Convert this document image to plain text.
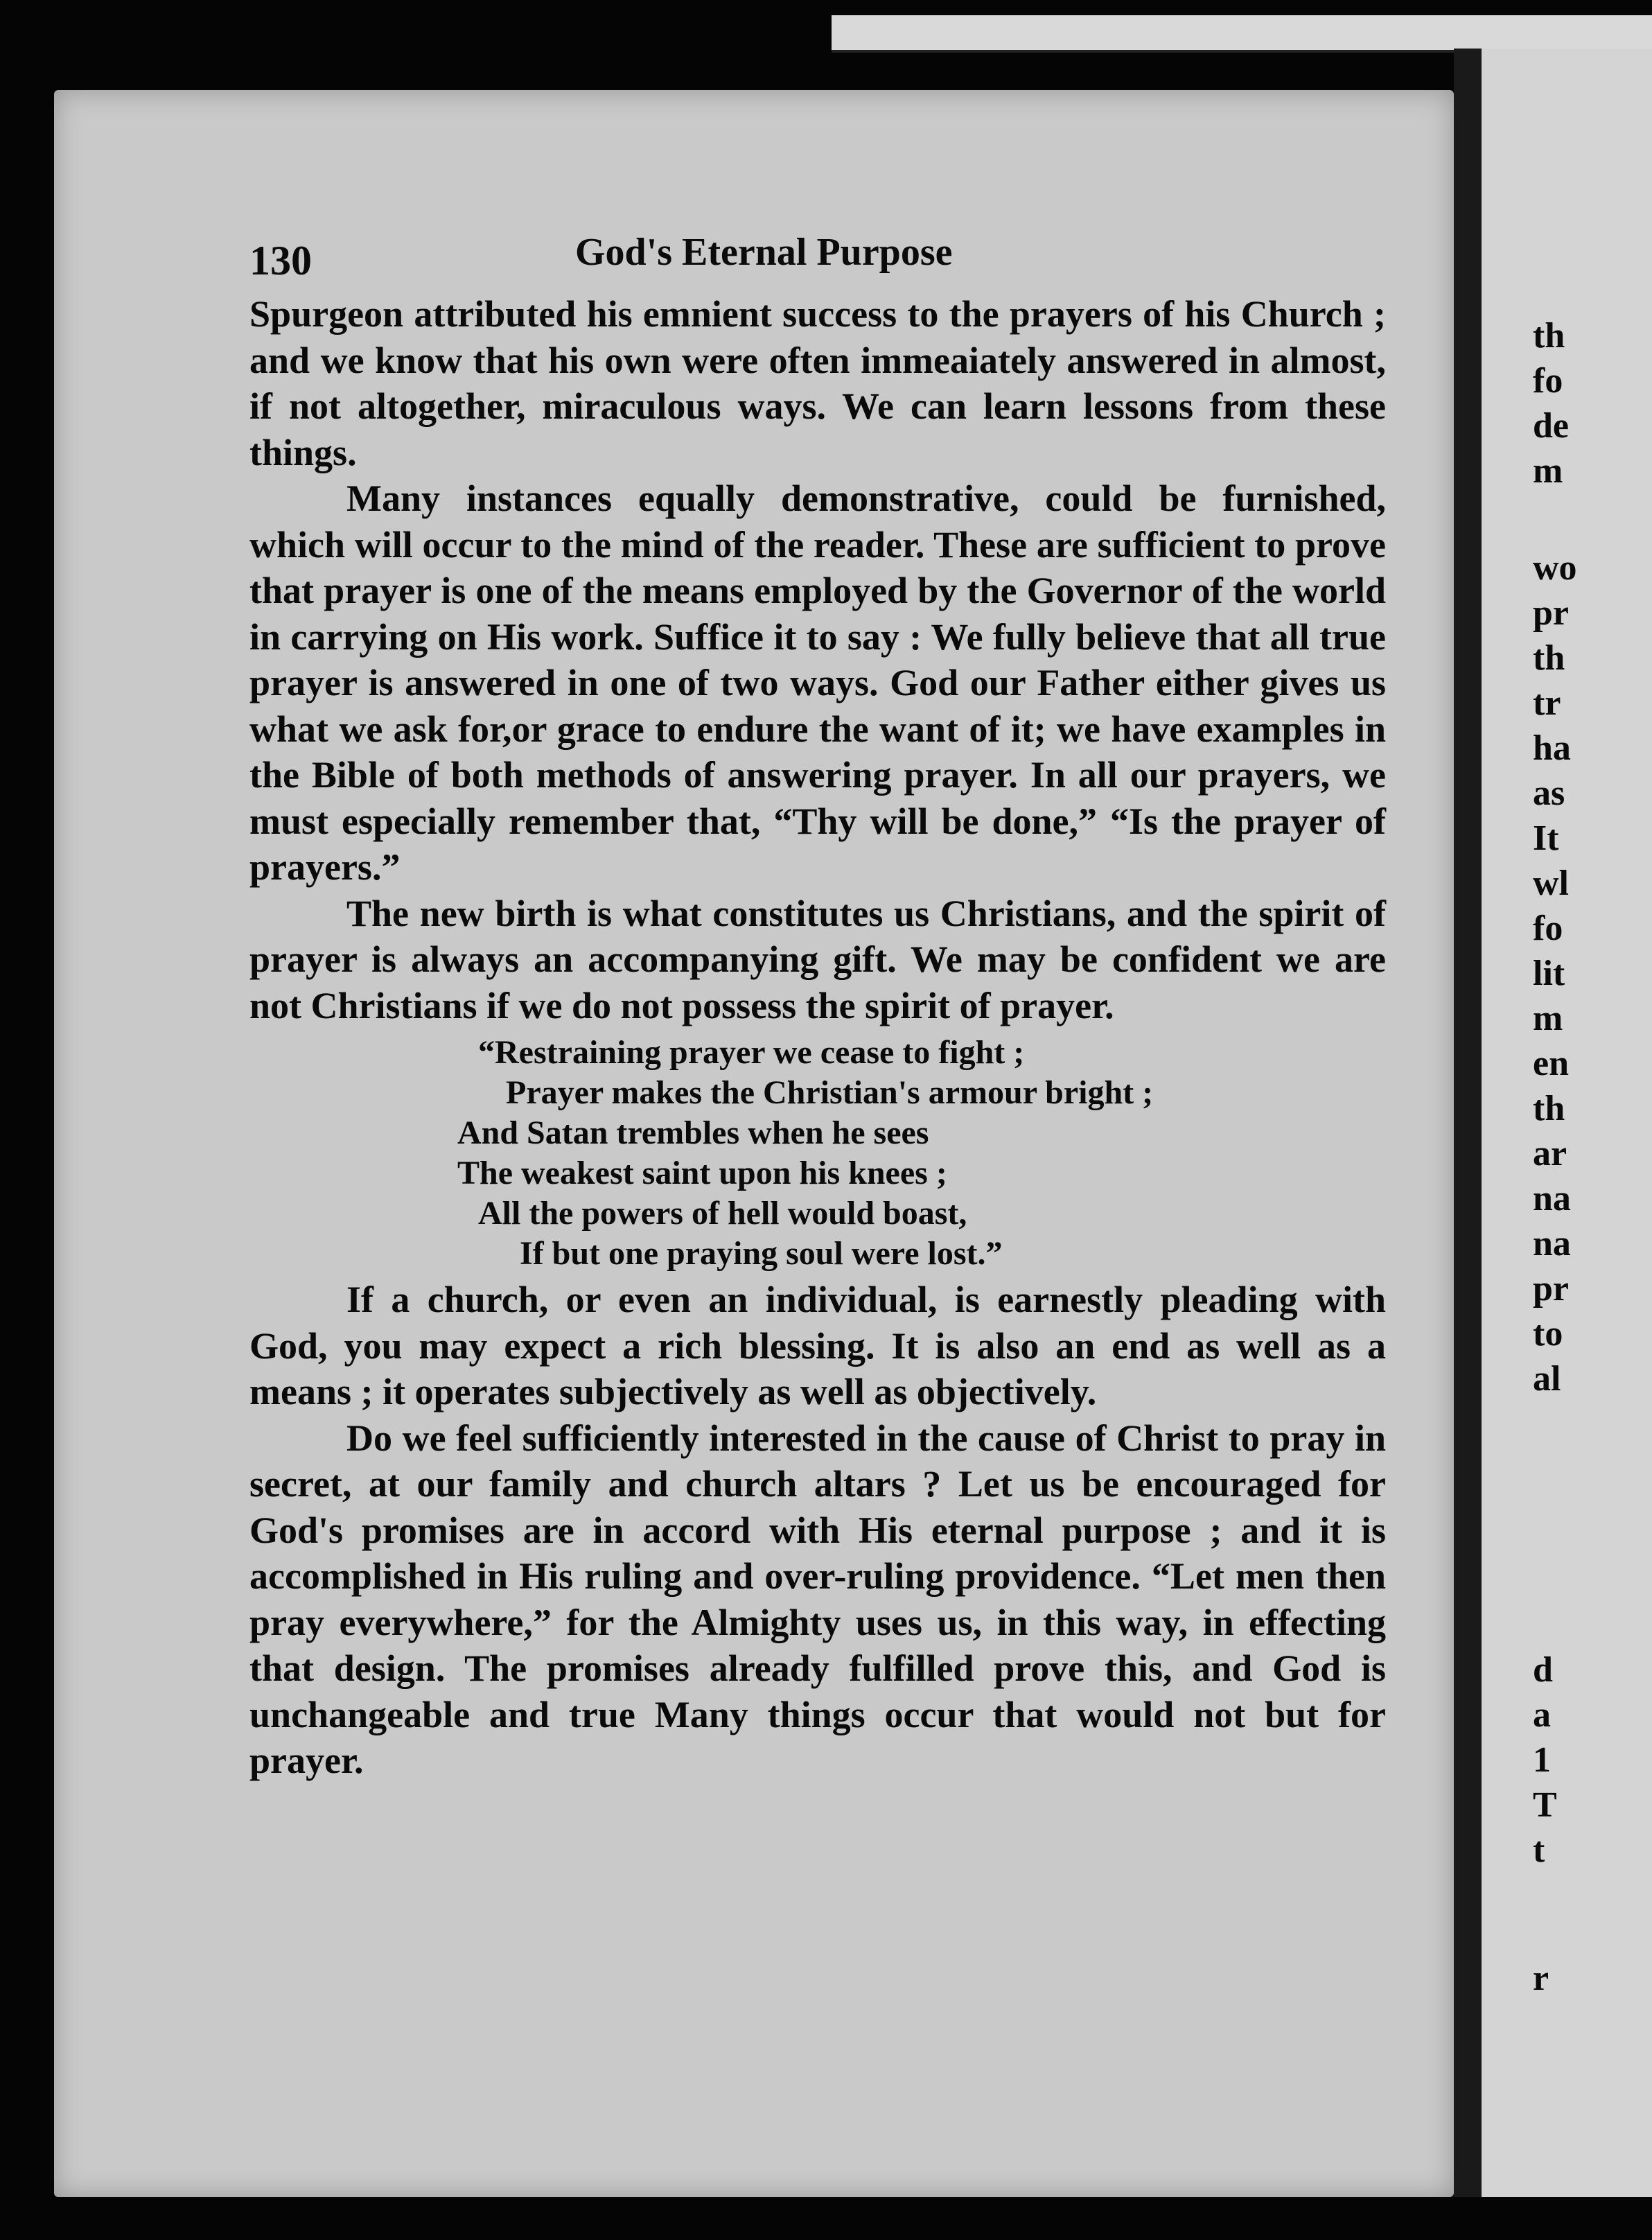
130	God's Eternal Purpose

Spurgeon attributed his emnient success to the prayers of his Church ; and we know that his own were often immeaiately answered in almost, if not altogether, miraculous ways. We can learn lessons from these things.

Many instances equally demonstrative, could be furnished, which will occur to the mind of the reader. These are sufficient to prove that prayer is one of the means employed by the Governor of the world in carrying on His work. Suffice it to say : We fully believe that all true prayer is answered in one of two ways. God our Father either gives us what we ask for,or grace to endure the want of it; we have examples in the Bible of both methods of answering prayer. In all our prayers, we must especially remember that, “Thy will be done,” “Is the prayer of prayers.”

The new birth is what constitutes us Christians, and the spirit of prayer is always an accompanying gift. We may be confident we are not Christians if we do not possess the spirit of prayer.

“Restraining prayer we cease to fight ;
Prayer makes the Christian's armour bright ;
And Satan trembles when he sees
The weakest saint upon his knees ;
All the powers of hell would boast,
If but one praying soul were lost.”

If a church, or even an individual, is earnestly pleading with God, you may expect a rich blessing. It is also an end as well as a means ; it operates subjectively as well as objectively.

Do we feel sufficiently interested in the cause of Christ to pray in secret, at our family and church altars ? Let us be encouraged for God's promises are in accord with His eternal purpose ; and it is accomplished in His ruling and over-ruling providence. “Let men then pray everywhere,” for the Almighty uses us, in this way, in effecting that design. The promises already fulfilled prove this, and God is unchangeable and true Many things occur that would not but for prayer.

th
fo
de
m
wo
pr
th
tr
ha
as
It
wl
fo
lit
m
en
th
ar
na
na
pr
to
al
d
a
1
T
t
r
